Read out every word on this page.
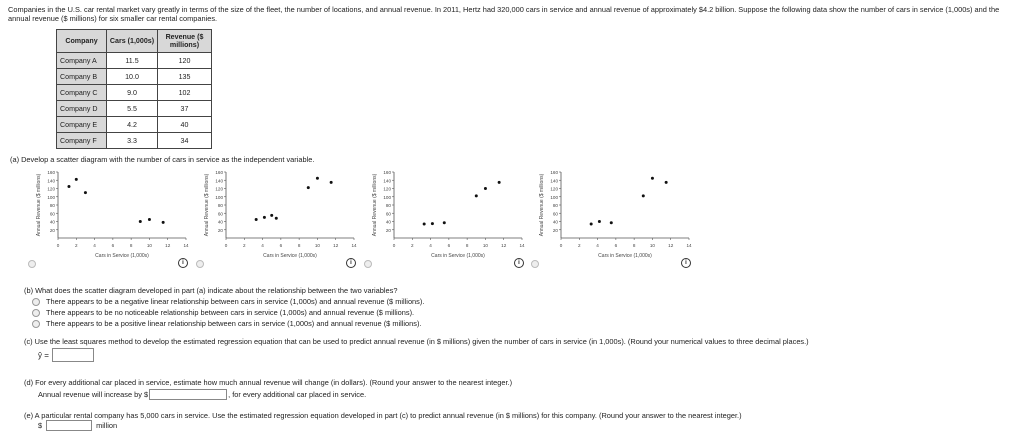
Companies in the U.S. car rental market vary greatly in terms of the size of the fleet, the number of locations, and annual revenue. In 2011, Hertz had 320,000 cars in service and annual revenue of approximately $4.2 billion. Suppose the following data show the number of cars in service (1,000s) and the annual revenue ($ millions) for six smaller car rental companies.
Company	Cars (1,000s)	Revenue ($ millions)
Company A	11.5	120
Company B	10.0	135
Company C	9.0	102
Company D	5.5	37
Company E	4.2	40
Company F	3.3	34
(a) Develop a scatter diagram with the number of cars in service as the independent variable.
20
40
60
80
100
120
140
160
0	2	4	6	8	10	12	14
Cars in Service (1,000s)
Annual Revenue ($ millions)
i
20
40
60
80
100
120
140
160
0	2	4	6	8	10	12	14
Cars in Service (1,000s)
Annual Revenue ($ millions)
i
20
40
60
80
100
120
140
160
0	2	4	6	8	10	12	14
Cars in Service (1,000s)
Annual Revenue ($ millions)
i
20
40
60
80
100
120
140
160
0	2	4	6	8	10	12	14
Cars in Service (1,000s)
Annual Revenue ($ millions)
i
(b) What does the scatter diagram developed in part (a) indicate about the relationship between the two variables?
There appears to be a negative linear relationship between cars in service (1,000s) and annual revenue ($ millions).
There appears to be no noticeable relationship between cars in service (1,000s) and annual revenue ($ millions).
There appears to be a positive linear relationship between cars in service (1,000s) and annual revenue ($ millions).
(c) Use the least squares method to develop the estimated regression equation that can be used to predict annual revenue (in $ millions) given the number of cars in service (in 1,000s). (Round your numerical values to three decimal places.)
ŷ =
(d) For every additional car placed in service, estimate how much annual revenue will change (in dollars). (Round your answer to the nearest integer.)
Annual revenue will increase by $	, for every additional car placed in service.
(e) A particular rental company has 5,000 cars in service. Use the estimated regression equation developed in part (c) to predict annual revenue (in $ millions) for this company. (Round your answer to the nearest integer.)
$	million
